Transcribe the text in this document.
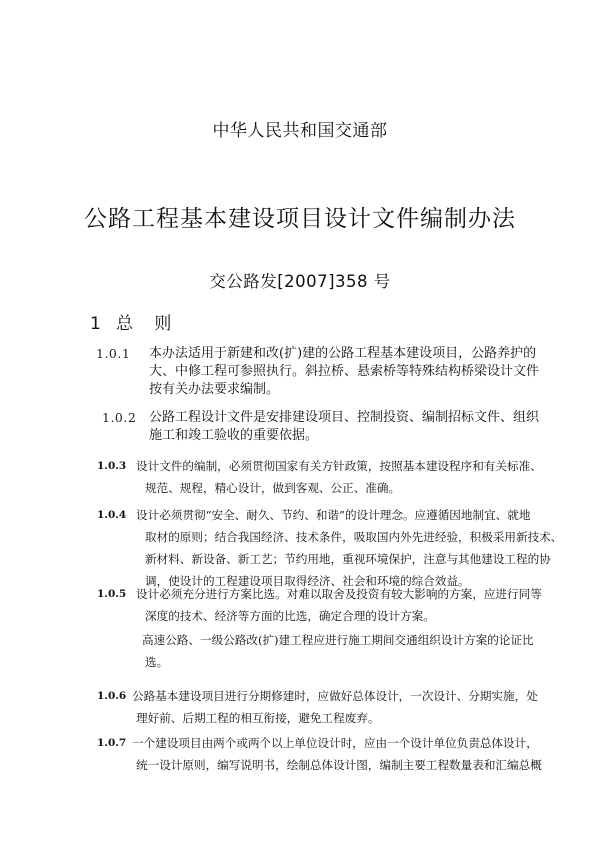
中华人民共和国交通部
公路工程基本建设项目设计文件编制办法
交公路发[2007]358 号
1 总 则
1.0.1 本办法适用于新建和改(扩)建的公路工程基本建设项目，公路养护的
大、中修工程可参照执行。斜拉桥、悬索桥等特殊结构桥梁设计文件
按有关办法要求编制。
1.0.2 公路工程设计文件是安排建设项目、控制投资、编制招标文件、组织
施工和竣工验收的重要依据。
1.0.3 设计文件的编制，必须贯彻国家有关方针政策，按照基本建设程序和有关标准、
规范、规程，精心设计，做到客观、公正、准确。
1.0.4 设计必须贯彻“安全、耐久、节约、和谐”的设计理念。应遵循因地制宜、就地
取材的原则；结合我国经济、技术条件，吸取国内外先进经验，积极采用新技术、
新材料、新设备、新工艺；节约用地，重视环境保护，注意与其他建设工程的协
调，使设计的工程建设项目取得经济、社会和环境的综合效益。
1.0.5 设计必须充分进行方案比选。对难以取舍及投资有较大影响的方案，应进行同等
深度的技术、经济等方面的比选，确定合理的设计方案。
高速公路、一级公路改(扩)建工程应进行施工期间交通组织设计方案的论证比
选。
1.0.6 公路基本建设项目进行分期修建时，应做好总体设计，一次设计、分期实施，处
理好前、后期工程的相互衔接，避免工程废弃。
1.0.7 一个建设项目由两个或两个以上单位设计时，应由一个设计单位负责总体设计，
统一设计原则，编写说明书，绘制总体设计图，编制主要工程数量表和汇编总概
